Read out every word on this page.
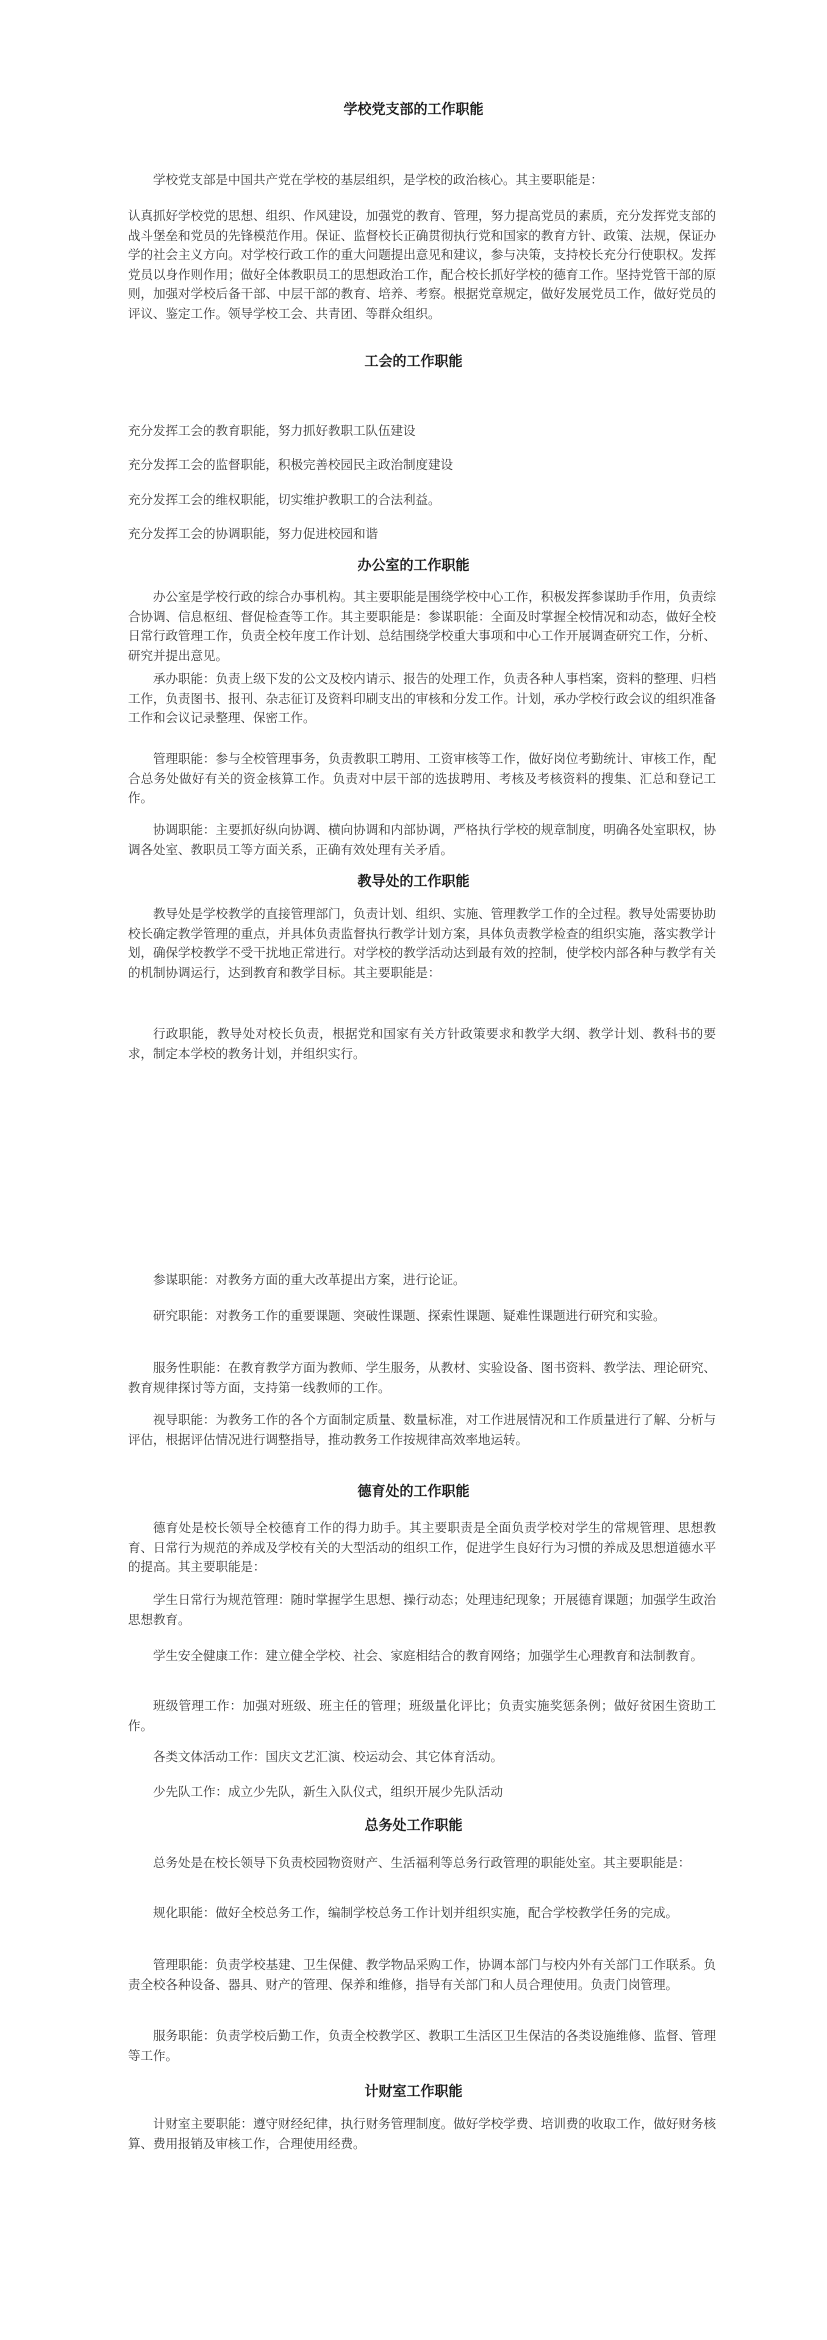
学校党支部的工作职能

学校党支部是中国共产党在学校的基层组织，是学校的政治核心。其主要职能是：

认真抓好学校党的思想、组织、作风建设，加强党的教育、管理，努力提高党员的素质，充分发挥党支部的战斗堡垒和党员的先锋模范作用。保证、监督校长正确贯彻执行党和国家的教育方针、政策、法规，保证办学的社会主义方向。对学校行政工作的重大问题提出意见和建议，参与决策，支持校长充分行使职权。发挥党员以身作则作用；做好全体教职员工的思想政治工作，配合校长抓好学校的德育工作。坚持党管干部的原则，加强对学校后备干部、中层干部的教育、培养、考察。根据党章规定，做好发展党员工作，做好党员的评议、鉴定工作。领导学校工会、共青团、等群众组织。

工会的工作职能

充分发挥工会的教育职能，努力抓好教职工队伍建设

充分发挥工会的监督职能，积极完善校园民主政治制度建设

充分发挥工会的维权职能，切实维护教职工的合法利益。

充分发挥工会的协调职能，努力促进校园和谐

办公室的工作职能

办公室是学校行政的综合办事机构。其主要职能是围绕学校中心工作，积极发挥参谋助手作用，负责综合协调、信息枢纽、督促检查等工作。其主要职能是：参谋职能：全面及时掌握全校情况和动态，做好全校日常行政管理工作，负责全校年度工作计划、总结围绕学校重大事项和中心工作开展调查研究工作，分析、研究并提出意见。

承办职能：负责上级下发的公文及校内请示、报告的处理工作，负责各种人事档案，资料的整理、归档工作，负责图书、报刊、杂志征订及资料印刷支出的审核和分发工作。计划，承办学校行政会议的组织准备工作和会议记录整理、保密工作。

管理职能：参与全校管理事务，负责教职工聘用、工资审核等工作，做好岗位考勤统计、审核工作，配合总务处做好有关的资金核算工作。负责对中层干部的选拔聘用、考核及考核资料的搜集、汇总和登记工作。

协调职能：主要抓好纵向协调、横向协调和内部协调，严格执行学校的规章制度，明确各处室职权，协调各处室、教职员工等方面关系，正确有效处理有关矛盾。

教导处的工作职能

教导处是学校教学的直接管理部门，负责计划、组织、实施、管理教学工作的全过程。教导处需要协助校长确定教学管理的重点，并具体负责监督执行教学计划方案，具体负责教学检查的组织实施，落实教学计划，确保学校教学不受干扰地正常进行。对学校的教学活动达到最有效的控制，使学校内部各种与教学有关的机制协调运行，达到教育和教学目标。其主要职能是：

行政职能，教导处对校长负责，根据党和国家有关方针政策要求和教学大纲、教学计划、教科书的要求，制定本学校的教务计划，并组织实行。

参谋职能：对教务方面的重大改革提出方案，进行论证。

研究职能：对教务工作的重要课题、突破性课题、探索性课题、疑难性课题进行研究和实验。

服务性职能：在教育教学方面为教师、学生服务，从教材、实验设备、图书资料、教学法、理论研究、教育规律探讨等方面，支持第一线教师的工作。

视导职能：为教务工作的各个方面制定质量、数量标准，对工作进展情况和工作质量进行了解、分析与评估，根据评估情况进行调整指导，推动教务工作按规律高效率地运转。

德育处的工作职能

德育处是校长领导全校德育工作的得力助手。其主要职责是全面负责学校对学生的常规管理、思想教育、日常行为规范的养成及学校有关的大型活动的组织工作，促进学生良好行为习惯的养成及思想道德水平的提高。其主要职能是：

学生日常行为规范管理：随时掌握学生思想、操行动态；处理违纪现象；开展德育课题；加强学生政治思想教育。

学生安全健康工作：建立健全学校、社会、家庭相结合的教育网络；加强学生心理教育和法制教育。

班级管理工作：加强对班级、班主任的管理；班级量化评比；负责实施奖惩条例；做好贫困生资助工作。

各类文体活动工作：国庆文艺汇演、校运动会、其它体育活动。

少先队工作：成立少先队，新生入队仪式，组织开展少先队活动

总务处工作职能

总务处是在校长领导下负责校园物资财产、生活福利等总务行政管理的职能处室。其主要职能是：

规化职能：做好全校总务工作，编制学校总务工作计划并组织实施，配合学校教学任务的完成。

管理职能：负责学校基建、卫生保健、教学物品采购工作，协调本部门与校内外有关部门工作联系。负责全校各种设备、器具、财产的管理、保养和维修，指导有关部门和人员合理使用。负责门岗管理。

服务职能：负责学校后勤工作，负责全校教学区、教职工生活区卫生保洁的各类设施维修、监督、管理等工作。

计财室工作职能

计财室主要职能：遵守财经纪律，执行财务管理制度。做好学校学费、培训费的收取工作，做好财务核算、费用报销及审核工作，合理使用经费。
